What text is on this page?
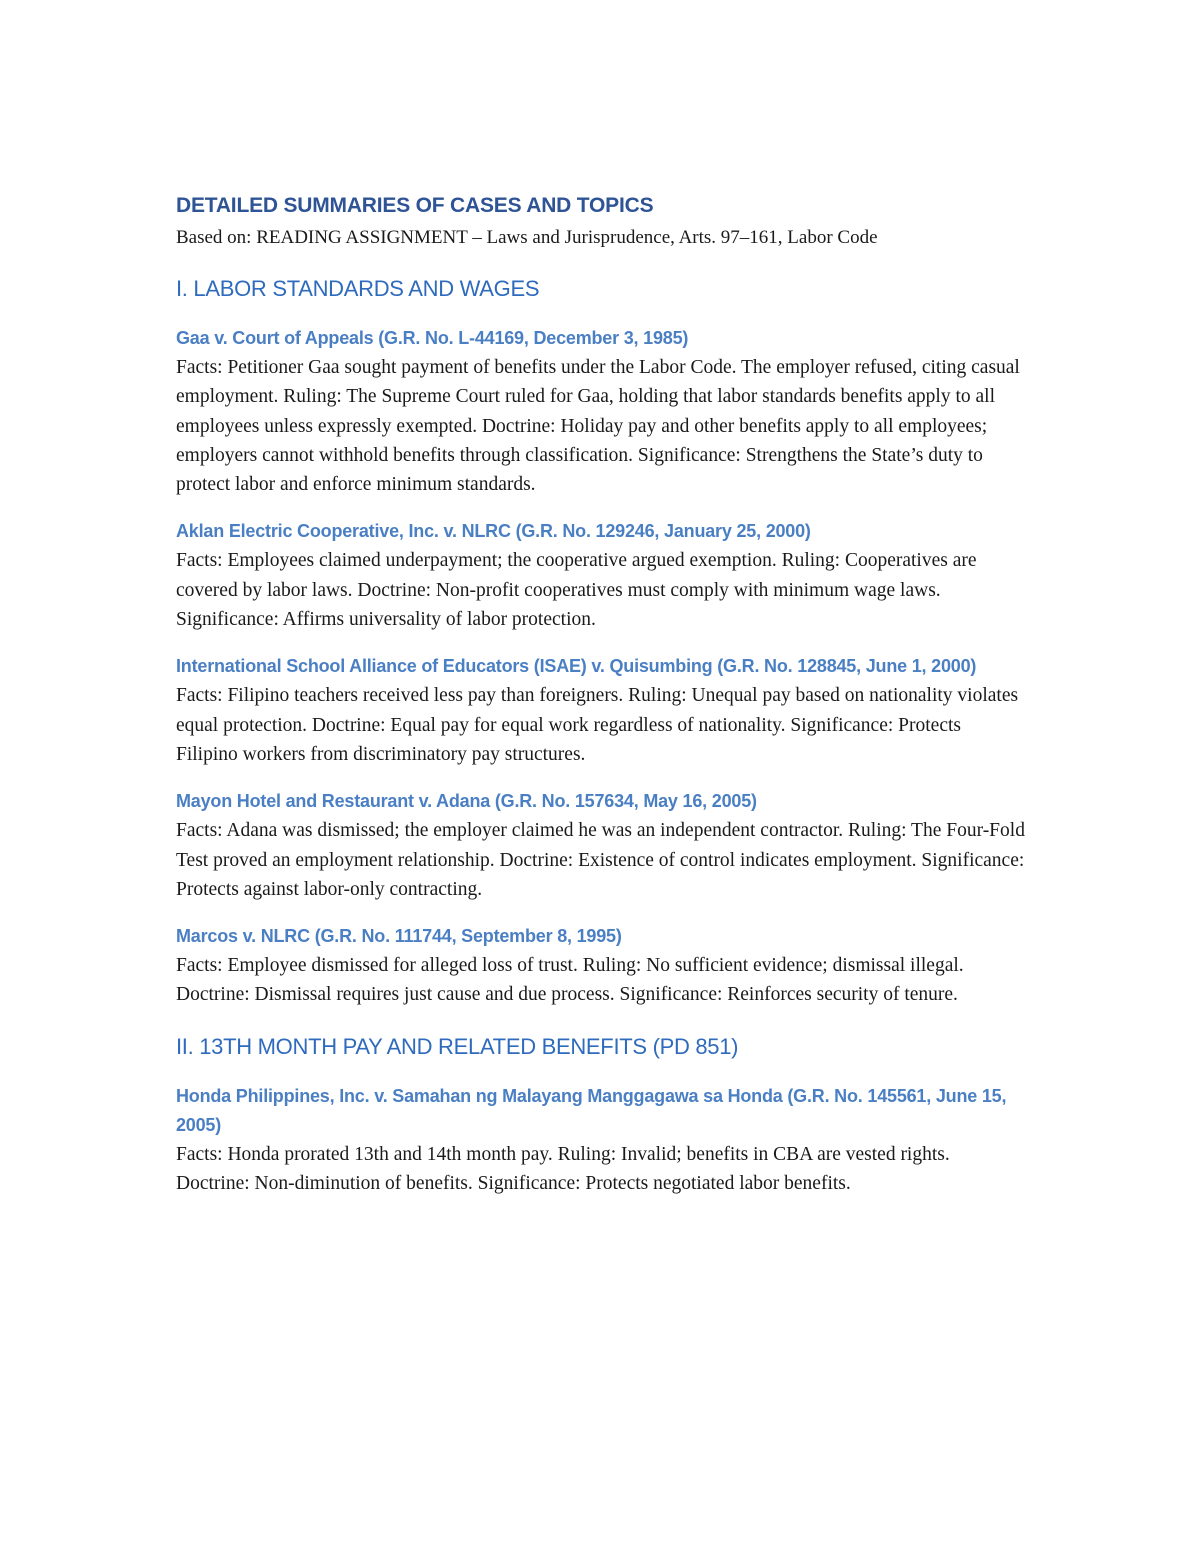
DETAILED SUMMARIES OF CASES AND TOPICS

Based on: READING ASSIGNMENT – Laws and Jurisprudence, Arts. 97–161, Labor Code

I. LABOR STANDARDS AND WAGES
Gaa v. Court of Appeals (G.R. No. L-44169, December 3, 1985)

Facts: Petitioner Gaa sought payment of benefits under the Labor Code. The employer refused, citing casual employment. Ruling: The Supreme Court ruled for Gaa, holding that labor standards benefits apply to all employees unless expressly exempted. Doctrine: Holiday pay and other benefits apply to all employees; employers cannot withhold benefits through classification. Significance: Strengthens the State’s duty to protect labor and enforce minimum standards.

Aklan Electric Cooperative, Inc. v. NLRC (G.R. No. 129246, January 25, 2000)

Facts: Employees claimed underpayment; the cooperative argued exemption. Ruling: Cooperatives are covered by labor laws. Doctrine: Non-profit cooperatives must comply with minimum wage laws. Significance: Affirms universality of labor protection.

International School Alliance of Educators (ISAE) v. Quisumbing (G.R. No. 128845, June 1, 2000)

Facts: Filipino teachers received less pay than foreigners. Ruling: Unequal pay based on nationality violates equal protection. Doctrine: Equal pay for equal work regardless of nationality. Significance: Protects Filipino workers from discriminatory pay structures.

Mayon Hotel and Restaurant v. Adana (G.R. No. 157634, May 16, 2005)

Facts: Adana was dismissed; the employer claimed he was an independent contractor. Ruling: The Four-Fold Test proved an employment relationship. Doctrine: Existence of control indicates employment. Significance: Protects against labor-only contracting.

Marcos v. NLRC (G.R. No. 111744, September 8, 1995)

Facts: Employee dismissed for alleged loss of trust. Ruling: No sufficient evidence; dismissal illegal. Doctrine: Dismissal requires just cause and due process. Significance: Reinforces security of tenure.

II. 13TH MONTH PAY AND RELATED BENEFITS (PD 851)
Honda Philippines, Inc. v. Samahan ng Malayang Manggagawa sa Honda (G.R. No. 145561, June 15, 2005)

Facts: Honda prorated 13th and 14th month pay. Ruling: Invalid; benefits in CBA are vested rights. Doctrine: Non-diminution of benefits. Significance: Protects negotiated labor benefits.
